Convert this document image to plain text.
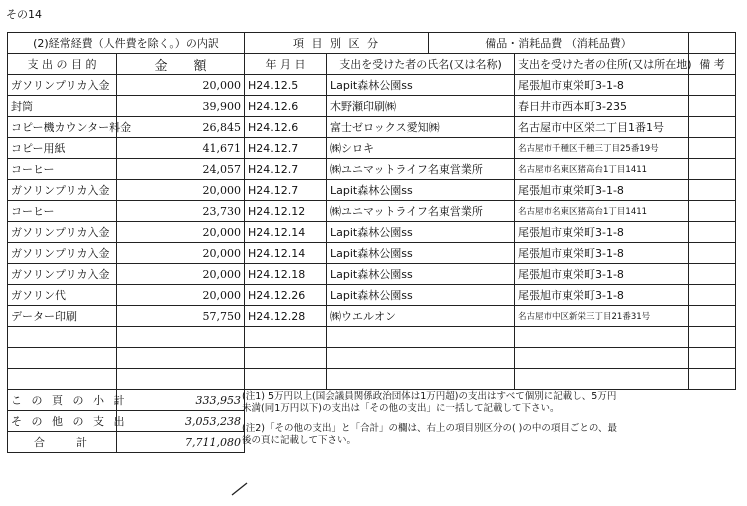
その14
(2)経常経費（人件費を除く。）の内訳		項 目 別 区 分		備品・消耗品費 （消耗品費）		
支 出 の 目 的	金　　額	年 月 日	支出を受けた者の氏名(又は名称)		支出を受けた者の住所(又は所在地)	備 考
ガソリンプリカ入金	20,000	H24.12.5	Lapit森林公園ss		尾張旭市東栄町3-1-8	
封筒	39,900	H24.12.6	木野瀬印刷㈱		春日井市西本町3-235	
コピー機カウンター料金	26,845	H24.12.6	富士ゼロックス愛知㈱		名古屋市中区栄二丁目1番1号	
コピー用紙	41,671	H24.12.7	㈱シロキ		名古屋市千種区千種三丁目25番19号	
コーヒー	24,057	H24.12.7	㈱ユニマットライフ名東営業所		名古屋市名東区猪高台1丁目1411	
ガソリンプリカ入金	20,000	H24.12.7	Lapit森林公園ss		尾張旭市東栄町3-1-8	
コーヒー	23,730	H24.12.12	㈱ユニマットライフ名東営業所		名古屋市名東区猪高台1丁目1411	
ガソリンプリカ入金	20,000	H24.12.14	Lapit森林公園ss		尾張旭市東栄町3-1-8	
ガソリンプリカ入金	20,000	H24.12.14	Lapit森林公園ss		尾張旭市東栄町3-1-8	
ガソリンプリカ入金	20,000	H24.12.18	Lapit森林公園ss		尾張旭市東栄町3-1-8	
ガソリン代	20,000	H24.12.26	Lapit森林公園ss		尾張旭市東栄町3-1-8	
データー印刷	57,750	H24.12.28	㈱ウエルオン		名古屋市中区新栄三丁目21番31号	

こ の 頁 の 小 計	333,953					
そ の 他 の 支 出	3,053,238					
合　　計	7,711,080					

(注1) 5万円以上(国会議員関係政治団体は1万円超)の支出はすべて個別に記載し、5万円未満(同1万円以下)の支出は「その他の支出」に一括して記載して下さい。

(注2)「その他の支出」と「合計」の欄は、右上の項目別区分の( )の中の項目ごとの、最後の頁に記載して下さい。
